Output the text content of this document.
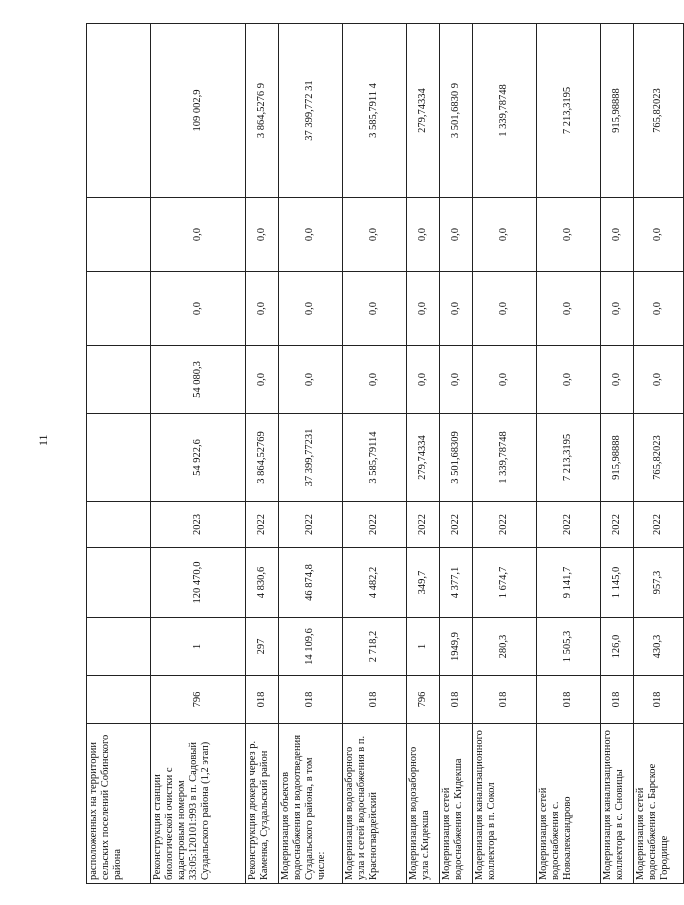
11
расположенных на территории сельских поселений Собинского района									
Реконструкция станции биологической очистки с кадастровым номером 33:05:120101:993 в п. Садовый Суздальского района (1,2 этап)	796	1	120 470,0	2023	54 922,6	54 080,3	0,0	0,0	109 002,9
Реконструкция дюкера через р. Каменка, Суздальский район	018	297	4 830,6	2022	3 864,52769	0,0	0,0	0,0	3 864,5276 9
Модернизация объектов водоснабжения и водоотведения Суздальского района, в том числе:	018	14 109,6	46 874,8	2022	37 399,77231	0,0	0,0	0,0	37 399,772 31
Модернизация водозаборного узла и сетей водоснабжения в п. Красногвардейский	018	2 718,2	4 482,2	2022	3 585,79114	0,0	0,0	0,0	3 585,7911 4
Модернизация водозаборного узла с.Кидекша	796	1	349,7	2022	279,74334	0,0	0,0	0,0	279,74334
Модернизация сетей водоснабжения с. Кидекша	018	1949,9	4 377,1	2022	3 501,68309	0,0	0,0	0,0	3 501,6830 9
Модернизация канализационного коллектора в п. Сокол	018	280,3	1 674,7	2022	1 339,78748	0,0	0,0	0,0	1 339,78748
Модернизация сетей водоснабжения с. Новоалександрово	018	1 505,3	9 141,7	2022	7 213,3195	0,0	0,0	0,0	7 213,3195
Модернизация канализационного коллектора в с. Сновицы	018	126,0	1 145,0	2022	915,98888	0,0	0,0	0,0	915,98888
Модернизация сетей водоснабжения с. Барское Городище	018	430,3	957,3	2022	765,82023	0,0	0,0	0,0	765,82023
